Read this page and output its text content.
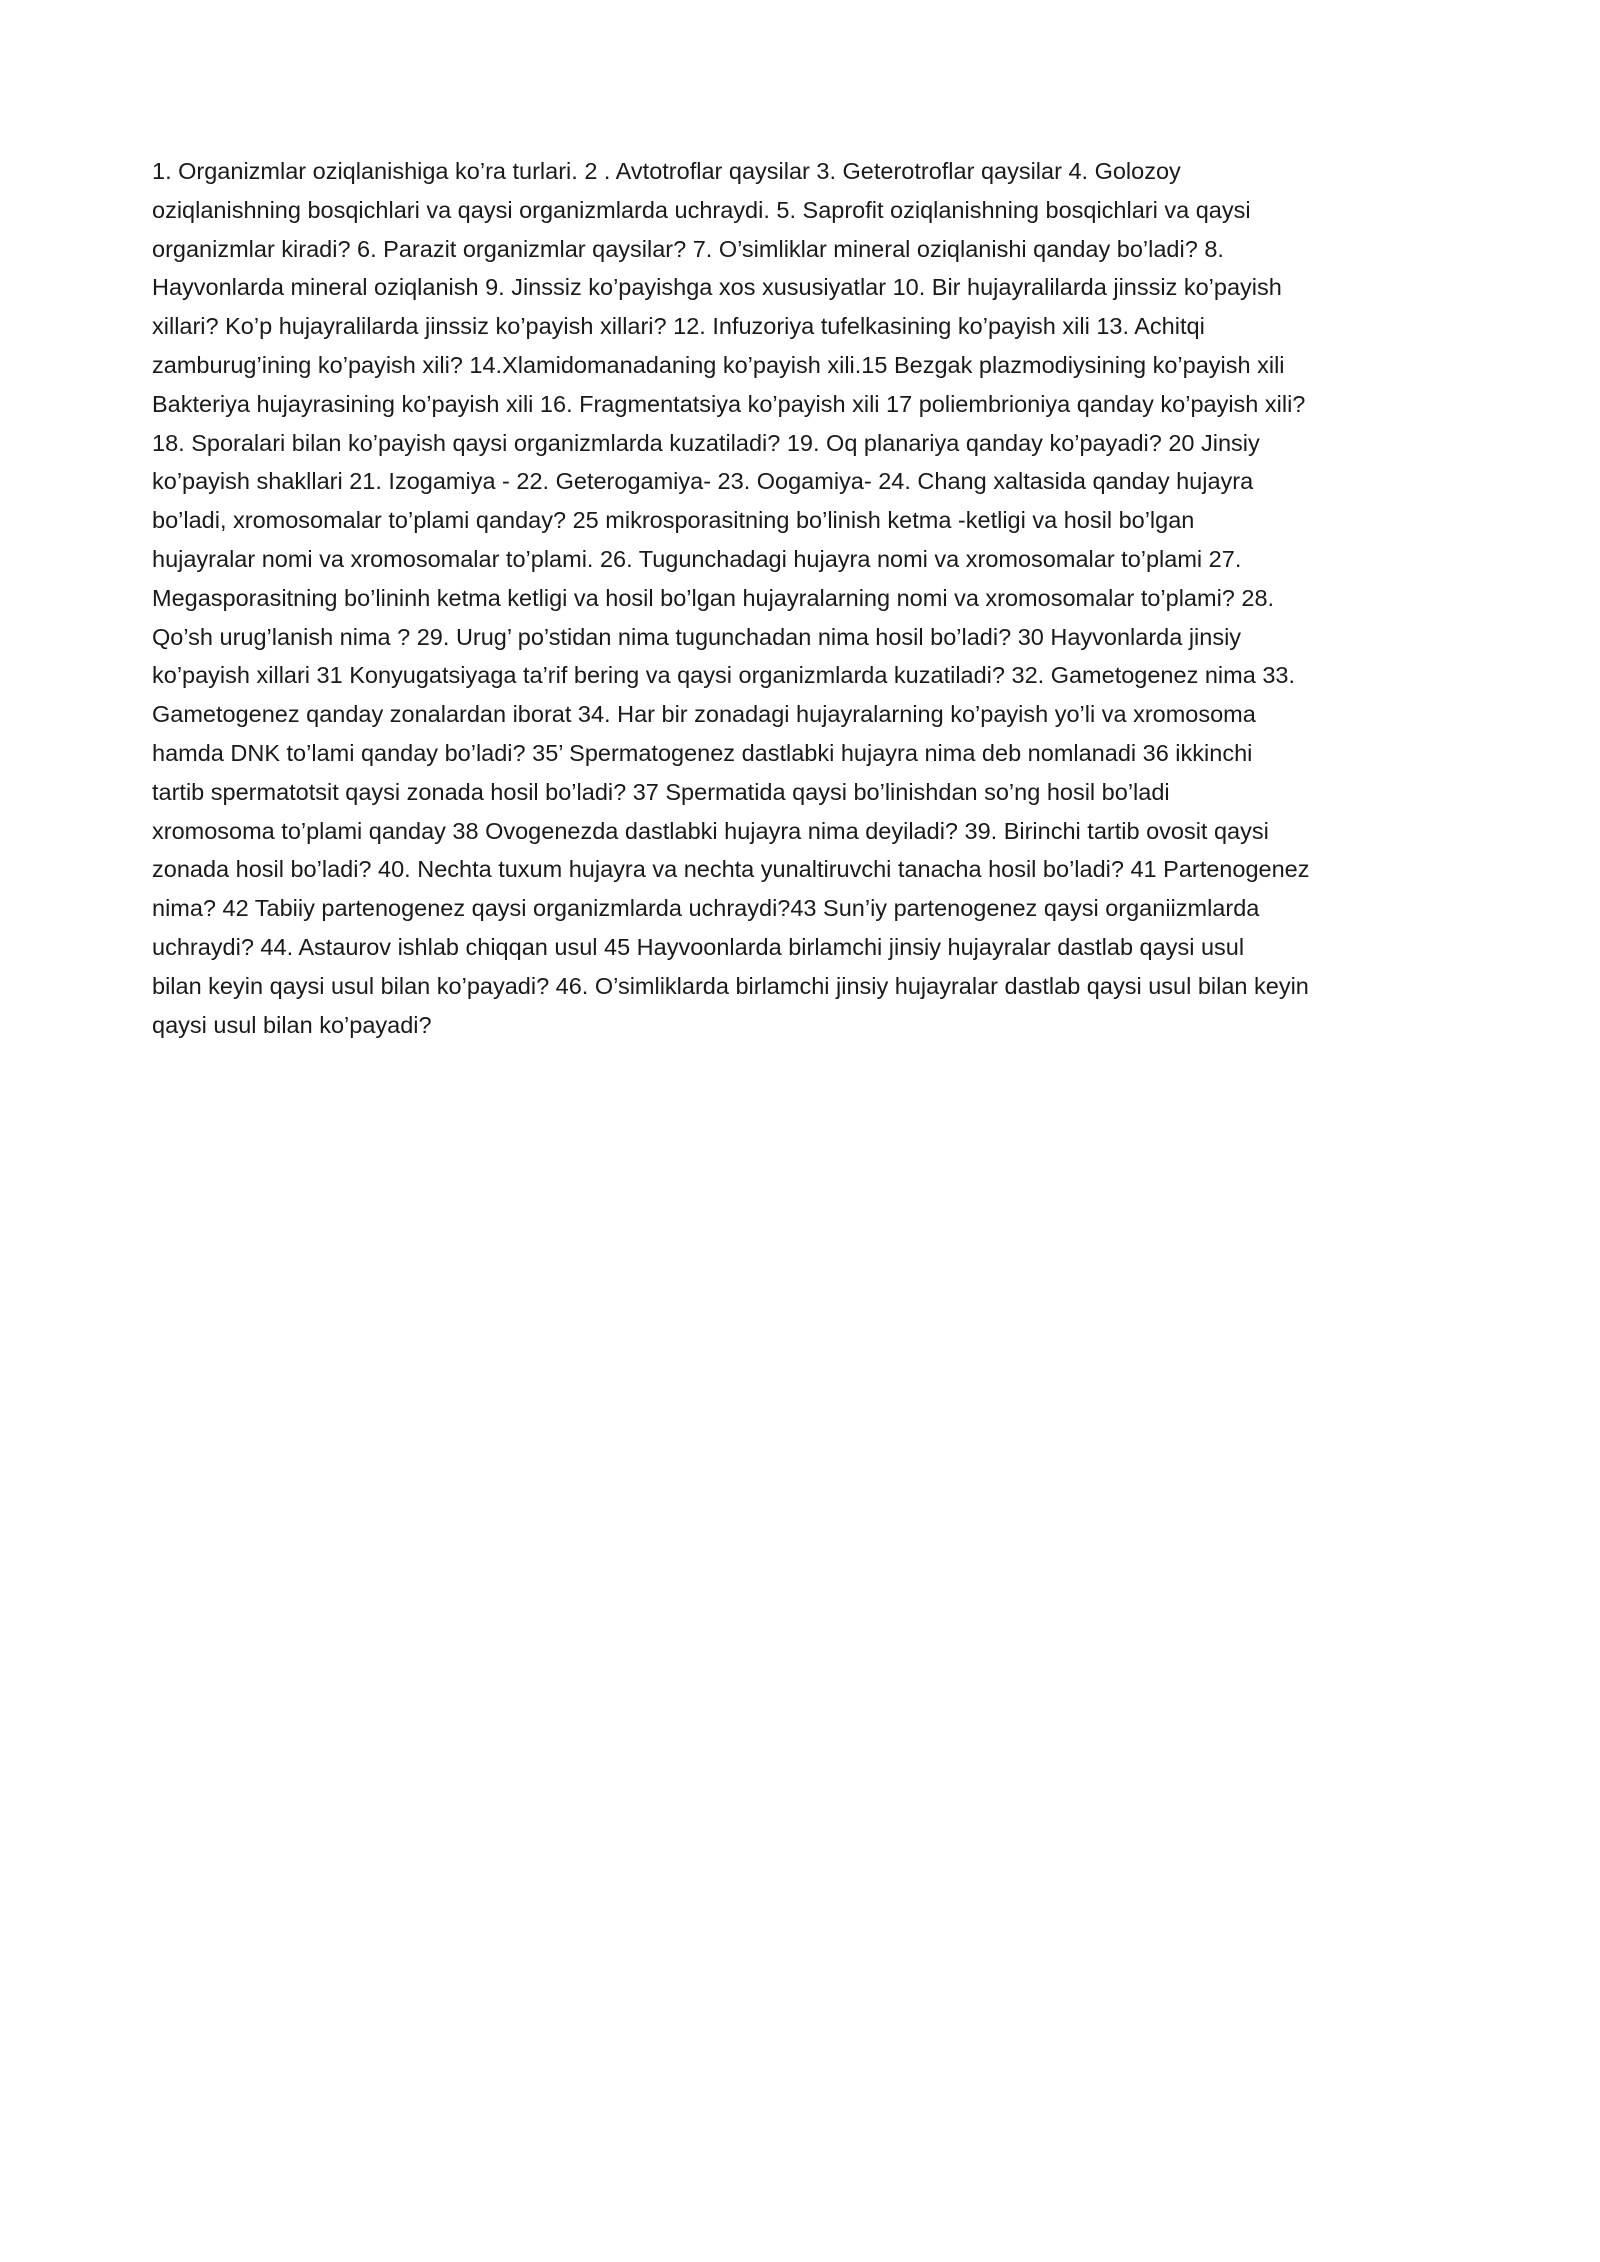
1. Organizmlar oziqlanishiga ko’ra turlari. 2 . Avtotroflar qaysilar 3. Geterotroflar qaysilar 4. Golozoy
oziqlanishning bosqichlari va qaysi organizmlarda uchraydi. 5. Saprofit oziqlanishning bosqichlari va qaysi
organizmlar kiradi? 6. Parazit organizmlar qaysilar? 7. O’simliklar mineral oziqlanishi qanday bo’ladi? 8.
Hayvonlarda mineral oziqlanish 9. Jinssiz ko’payishga xos xususiyatlar 10. Bir hujayralilarda jinssiz ko’payish
xillari? Ko’p hujayralilarda jinssiz ko’payish xillari? 12. Infuzoriya tufelkasining ko’payish xili 13. Achitqi
zamburug’ining ko’payish xili? 14.Xlamidomanadaning ko’payish xili.15 Bezgak plazmodiysining ko’payish xili
Bakteriya hujayrasining ko’payish xili 16. Fragmentatsiya ko’payish xili 17 poliembrioniya qanday ko’payish xili?
18. Sporalari bilan ko’payish qaysi organizmlarda kuzatiladi? 19. Oq planariya qanday ko’payadi? 20 Jinsiy
ko’payish shakllari 21. Izogamiya - 22. Geterogamiya- 23. Oogamiya- 24. Chang xaltasida qanday hujayra
bo’ladi, xromosomalar to’plami qanday? 25 mikrosporasitning bo’linish ketma -ketligi va hosil bo’lgan
hujayralar nomi va xromosomalar to’plami. 26. Tugunchadagi hujayra nomi va xromosomalar to’plami 27.
Megasporasitning bo’lininh ketma ketligi va hosil bo’lgan hujayralarning nomi va xromosomalar to’plami? 28.
Qo’sh urug’lanish nima ? 29. Urug’ po’stidan nima tugunchadan nima hosil bo’ladi? 30 Hayvonlarda jinsiy
ko’payish xillari 31 Konyugatsiyaga ta’rif bering va qaysi organizmlarda kuzatiladi? 32. Gametogenez nima 33.
Gametogenez qanday zonalardan iborat 34. Har bir zonadagi hujayralarning ko’payish yo’li va xromosoma
hamda DNK to’lami qanday bo’ladi? 35’ Spermatogenez dastlabki hujayra nima deb nomlanadi 36 ikkinchi
tartib spermatotsit qaysi zonada hosil bo’ladi? 37 Spermatida qaysi bo’linishdan so’ng hosil bo’ladi
xromosoma to’plami qanday 38 Ovogenezda dastlabki hujayra nima deyiladi? 39. Birinchi tartib ovosit qaysi
zonada hosil bo’ladi? 40. Nechta tuxum hujayra va nechta yunaltiruvchi tanacha hosil bo’ladi? 41 Partenogenez
nima? 42 Tabiiy partenogenez qaysi organizmlarda uchraydi?43 Sun’iy partenogenez qaysi organiizmlarda
uchraydi? 44. Astaurov ishlab chiqqan usul 45 Hayvoonlarda birlamchi jinsiy hujayralar dastlab qaysi usul
bilan keyin qaysi usul bilan ko’payadi? 46. O’simliklarda birlamchi jinsiy hujayralar dastlab qaysi usul bilan keyin
qaysi usul bilan ko’payadi?
